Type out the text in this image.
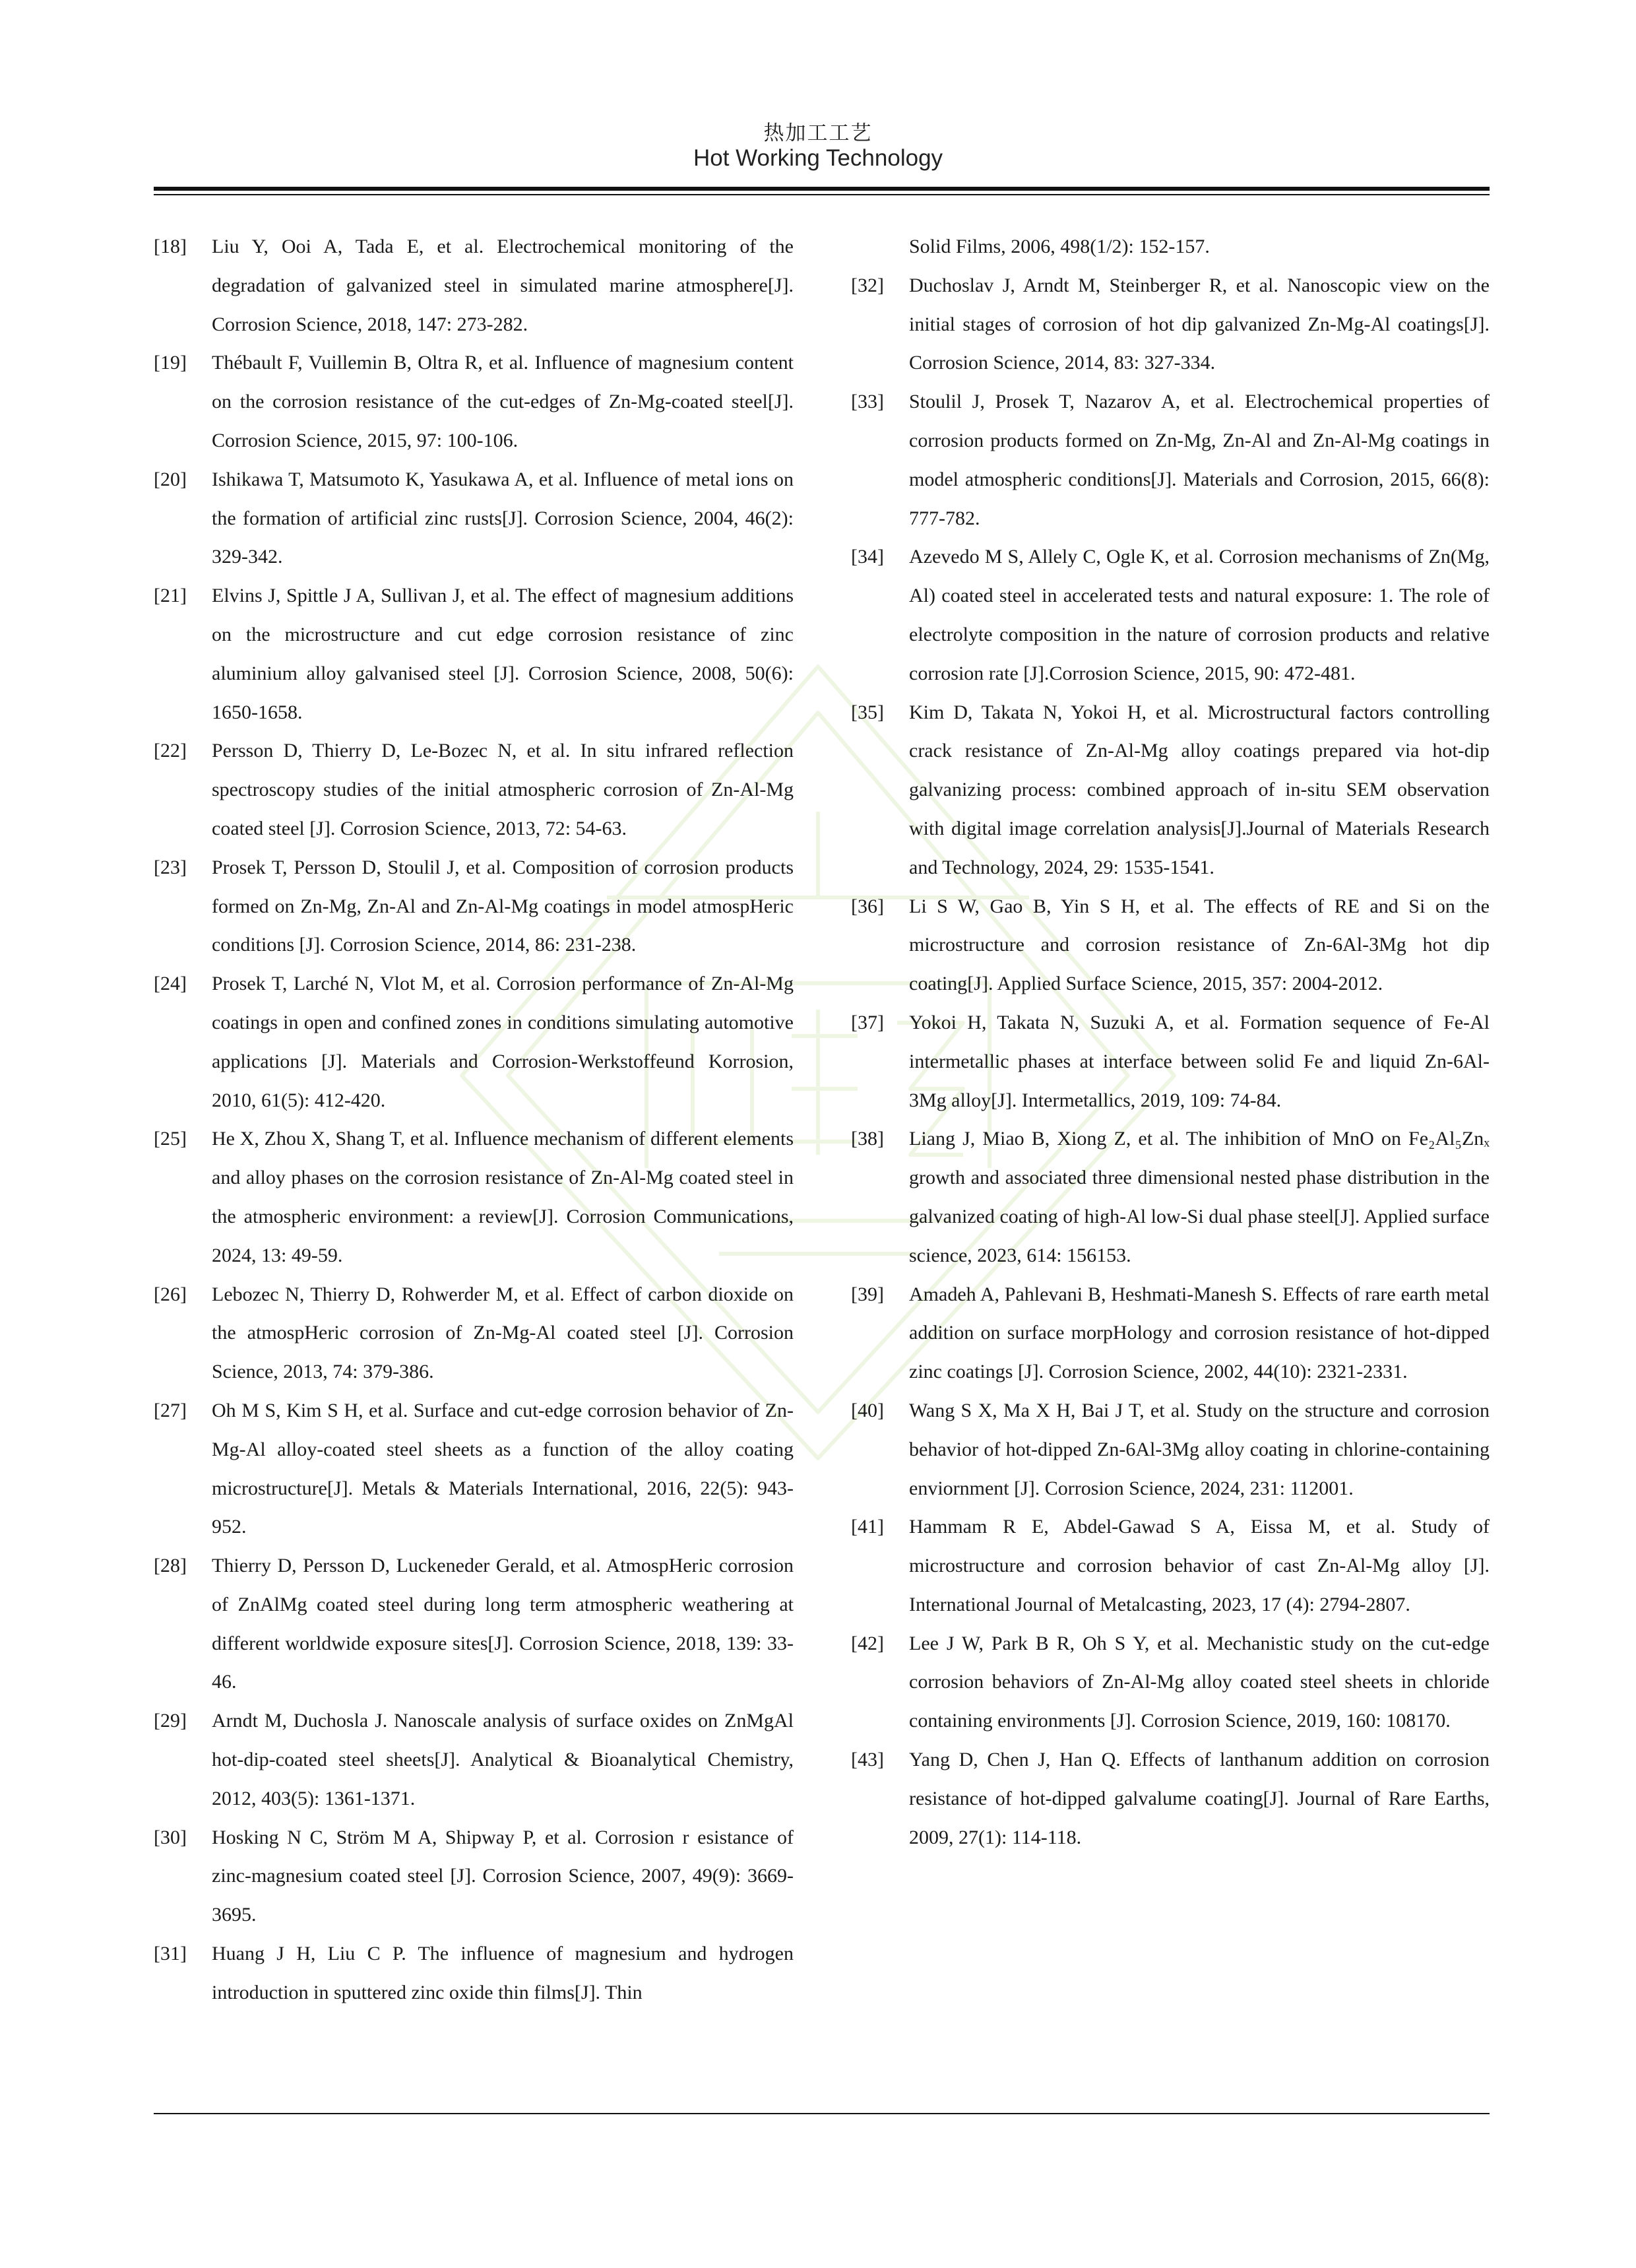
热加工工艺
Hot Working Technology
[18] Liu Y, Ooi A, Tada E, et al. Electrochemical monitoring of the degradation of galvanized steel in simulated marine atmosphere[J]. Corrosion Science, 2018, 147: 273-282.
[19] Thébault F, Vuillemin B, Oltra R, et al. Influence of magnesium content on the corrosion resistance of the cut-edges of Zn-Mg-coated steel[J]. Corrosion Science, 2015, 97: 100-106.
[20] Ishikawa T, Matsumoto K, Yasukawa A, et al. Influence of metal ions on the formation of artificial zinc rusts[J]. Corrosion Science, 2004, 46(2): 329-342.
[21] Elvins J, Spittle J A, Sullivan J, et al. The effect of magnesium additions on the microstructure and cut edge corrosion resistance of zinc aluminium alloy galvanised steel [J]. Corrosion Science, 2008, 50(6): 1650-1658.
[22] Persson D, Thierry D, Le-Bozec N, et al. In situ infrared reflection spectroscopy studies of the initial atmospheric corrosion of Zn-Al-Mg coated steel [J]. Corrosion Science, 2013, 72: 54-63.
[23] Prosek T, Persson D, Stoulil J, et al. Composition of corrosion products formed on Zn-Mg, Zn-Al and Zn-Al-Mg coatings in model atmospHeric conditions [J]. Corrosion Science, 2014, 86: 231-238.
[24] Prosek T, Larché N, Vlot M, et al. Corrosion performance of Zn-Al-Mg coatings in open and confined zones in conditions simulating automotive applications [J]. Materials and Corrosion-Werkstoffeund Korrosion, 2010, 61(5): 412-420.
[25] He X, Zhou X, Shang T, et al. Influence mechanism of different elements and alloy phases on the corrosion resistance of Zn-Al-Mg coated steel in the atmospheric environment: a review[J]. Corrosion Communications, 2024, 13: 49-59.
[26] Lebozec N, Thierry D, Rohwerder M, et al. Effect of carbon dioxide on the atmospHeric corrosion of Zn-Mg-Al coated steel [J]. Corrosion Science, 2013, 74: 379-386.
[27] Oh M S, Kim S H, et al. Surface and cut-edge corrosion behavior of Zn-Mg-Al alloy-coated steel sheets as a function of the alloy coating microstructure[J]. Metals & Materials International, 2016, 22(5): 943-952.
[28] Thierry D, Persson D, Luckeneder Gerald, et al. AtmospHeric corrosion of ZnAlMg coated steel during long term atmospheric weathering at different worldwide exposure sites[J]. Corrosion Science, 2018, 139: 33-46.
[29] Arndt M, Duchosla J. Nanoscale analysis of surface oxides on ZnMgAl hot-dip-coated steel sheets[J]. Analytical & Bioanalytical Chemistry, 2012, 403(5): 1361-1371.
[30] Hosking N C, Ström M A, Shipway P, et al. Corrosion r esistance of zinc-magnesium coated steel [J]. Corrosion Science, 2007, 49(9): 3669-3695.
[31] Huang J H, Liu C P. The influence of magnesium and hydrogen introduction in sputtered zinc oxide thin films[J]. Thin
Solid Films, 2006, 498(1/2): 152-157.
[32] Duchoslav J, Arndt M, Steinberger R, et al. Nanoscopic view on the initial stages of corrosion of hot dip galvanized Zn-Mg-Al coatings[J]. Corrosion Science, 2014, 83: 327-334.
[33] Stoulil J, Prosek T, Nazarov A, et al. Electrochemical properties of corrosion products formed on Zn-Mg, Zn-Al and Zn-Al-Mg coatings in model atmospheric conditions[J]. Materials and Corrosion, 2015, 66(8): 777-782.
[34] Azevedo M S, Allely C, Ogle K, et al. Corrosion mechanisms of Zn(Mg, Al) coated steel in accelerated tests and natural exposure: 1. The role of electrolyte composition in the nature of corrosion products and relative corrosion rate [J].Corrosion Science, 2015, 90: 472-481.
[35] Kim D, Takata N, Yokoi H, et al. Microstructural factors controlling crack resistance of Zn-Al-Mg alloy coatings prepared via hot-dip galvanizing process: combined approach of in-situ SEM observation with digital image correlation analysis[J].Journal of Materials Research and Technology, 2024, 29: 1535-1541.
[36] Li S W, Gao B, Yin S H, et al. The effects of RE and Si on the microstructure and corrosion resistance of Zn-6Al-3Mg hot dip coating[J]. Applied Surface Science, 2015, 357: 2004-2012.
[37] Yokoi H, Takata N, Suzuki A, et al. Formation sequence of Fe-Al intermetallic phases at interface between solid Fe and liquid Zn-6Al-3Mg alloy[J]. Intermetallics, 2019, 109: 74-84.
[38] Liang J, Miao B, Xiong Z, et al. The inhibition of MnO on Fe₂Al₅Znₓ growth and associated three dimensional nested phase distribution in the galvanized coating of high-Al low-Si dual phase steel[J]. Applied surface science, 2023, 614: 156153.
[39] Amadeh A, Pahlevani B, Heshmati-Manesh S. Effects of rare earth metal addition on surface morpHology and corrosion resistance of hot-dipped zinc coatings [J]. Corrosion Science, 2002, 44(10): 2321-2331.
[40] Wang S X, Ma X H, Bai J T, et al. Study on the structure and corrosion behavior of hot-dipped Zn-6Al-3Mg alloy coating in chlorine-containing enviornment [J]. Corrosion Science, 2024, 231: 112001.
[41] Hammam R E, Abdel-Gawad S A, Eissa M, et al. Study of microstructure and corrosion behavior of cast Zn-Al-Mg alloy [J]. International Journal of Metalcasting, 2023, 17 (4): 2794-2807.
[42] Lee J W, Park B R, Oh S Y, et al. Mechanistic study on the cut-edge corrosion behaviors of Zn-Al-Mg alloy coated steel sheets in chloride containing environments [J]. Corrosion Science, 2019, 160: 108170.
[43] Yang D, Chen J, Han Q. Effects of lanthanum addition on corrosion resistance of hot-dipped galvalume coating[J]. Journal of Rare Earths, 2009, 27(1): 114-118.
